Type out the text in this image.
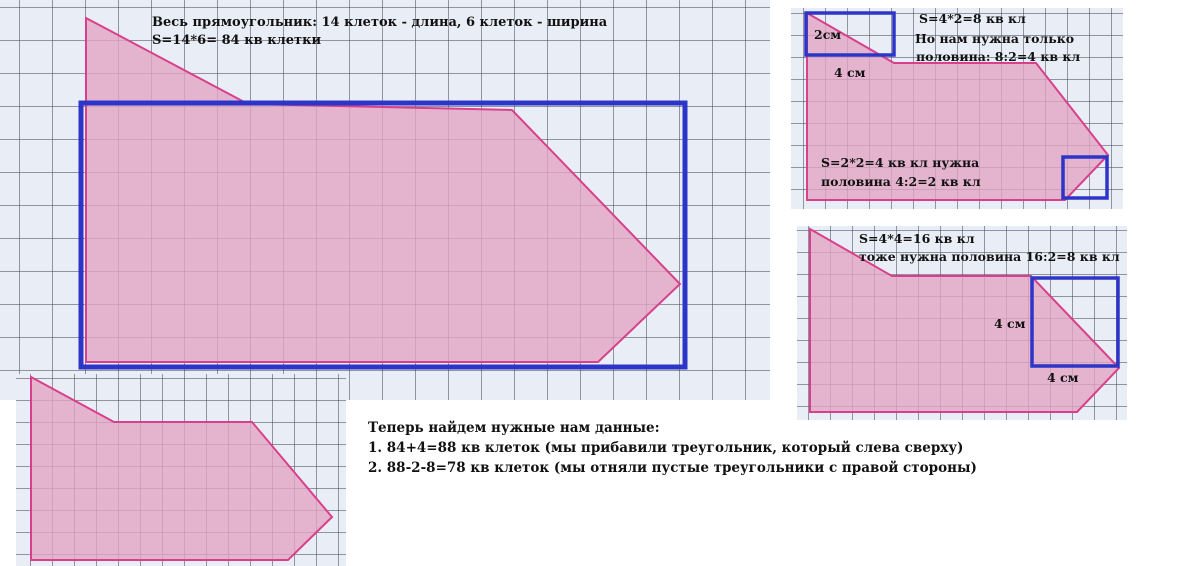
Весь прямоугольник: 14 клеток - длина, 6 клеток - ширина

S=14*6= 84 кв клетки

S=4*2=8 кв кл

Но нам нужна только

половина: 8:2=4 кв кл

2см

4 см

S=2*2=4 кв кл нужна

половина 4:2=2 кв кл

S=4*4=16 кв кл

тоже нужна половина 16:2=8 кв кл

4 см

4 см

Теперь найдем нужные нам данные:

1. 84+4=88 кв клеток (мы прибавили треугольник, который слева сверху)

2. 88-2-8=78 кв клеток (мы отняли пустые треугольники с правой стороны)
